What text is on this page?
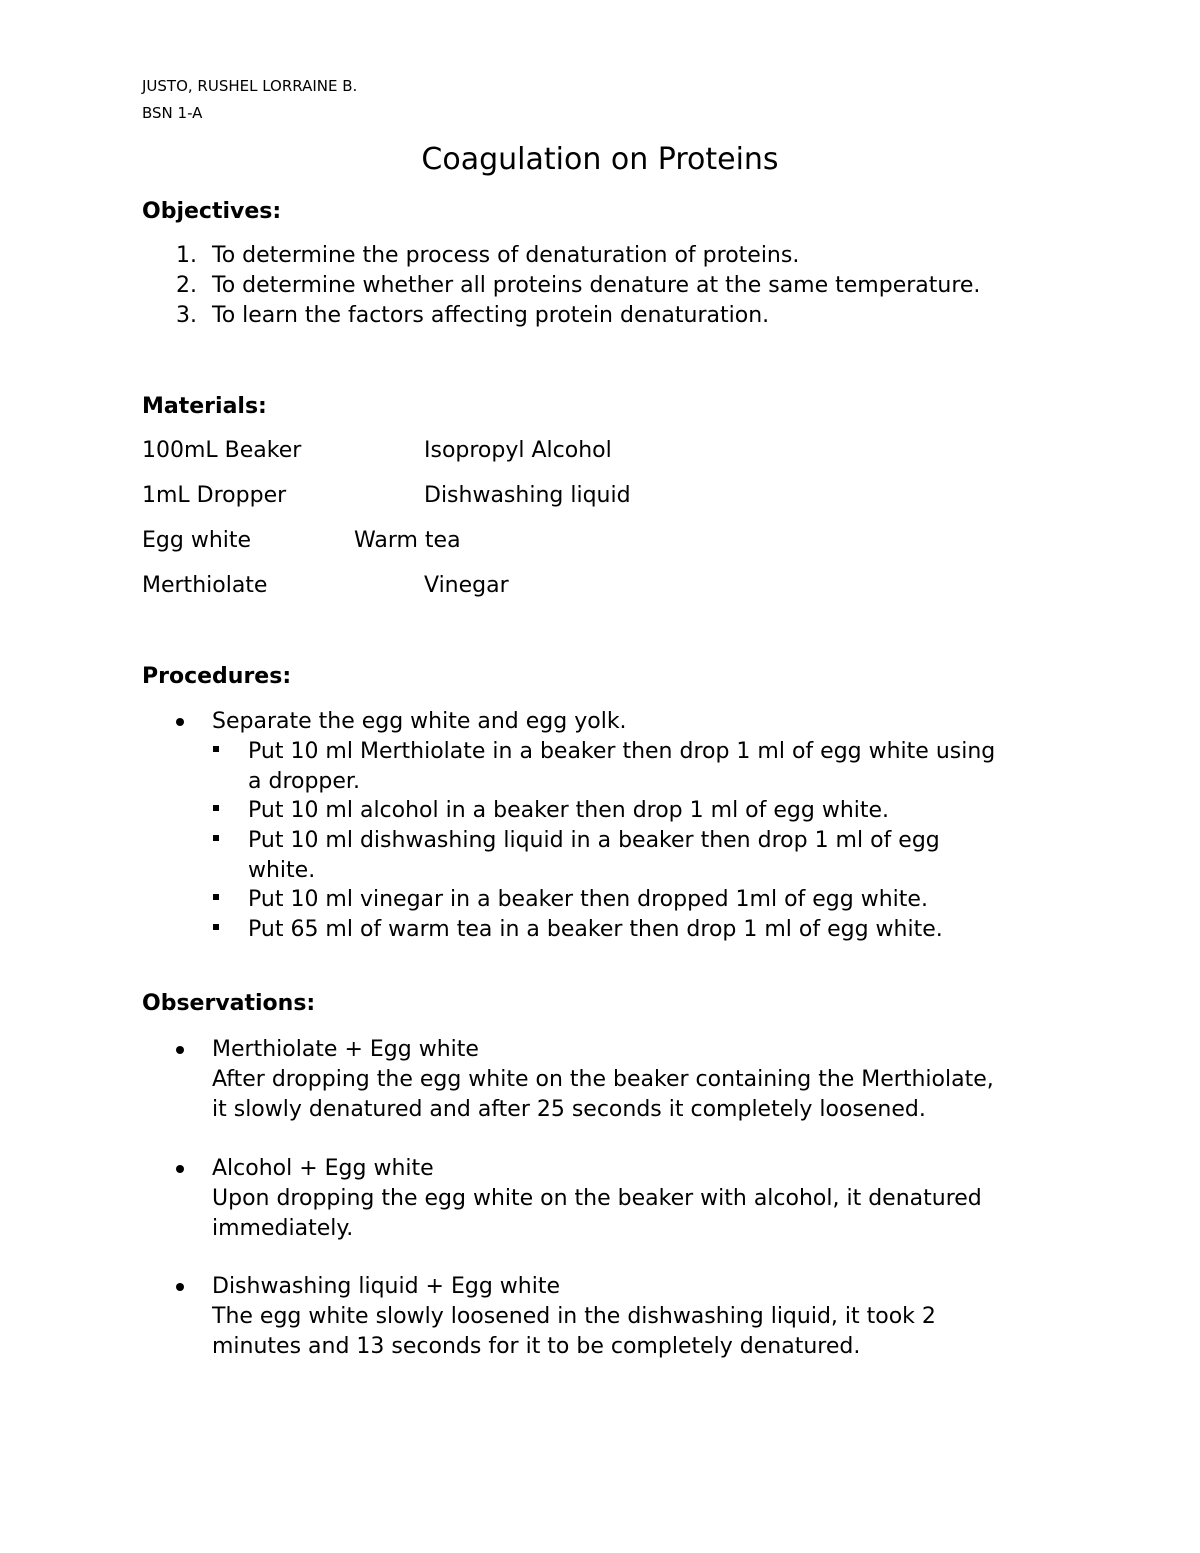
JUSTO, RUSHEL LORRAINE B.
BSN 1-A
Coagulation on Proteins
Objectives:
1. To determine the process of denaturation of proteins.
2. To determine whether all proteins denature at the same temperature.
3. To learn the factors affecting protein denaturation.
Materials:
100mL Beaker	Isopropyl Alcohol
1mL Dropper	Dishwashing liquid
Egg white	Warm tea
Merthiolate	Vinegar
Procedures:
Separate the egg white and egg yolk.
Put 10 ml Merthiolate in a beaker then drop 1 ml of egg white using
a dropper.
Put 10 ml alcohol in a beaker then drop 1 ml of egg white.
Put 10 ml dishwashing liquid in a beaker then drop 1 ml of egg
white.
Put 10 ml vinegar in a beaker then dropped 1ml of egg white.
Put 65 ml of warm tea in a beaker then drop 1 ml of egg white.
Observations:
Merthiolate + Egg white
After dropping the egg white on the beaker containing the Merthiolate,
it slowly denatured and after 25 seconds it completely loosened.
Alcohol + Egg white
Upon dropping the egg white on the beaker with alcohol, it denatured
immediately.
Dishwashing liquid + Egg white
The egg white slowly loosened in the dishwashing liquid, it took 2
minutes and 13 seconds for it to be completely denatured.
